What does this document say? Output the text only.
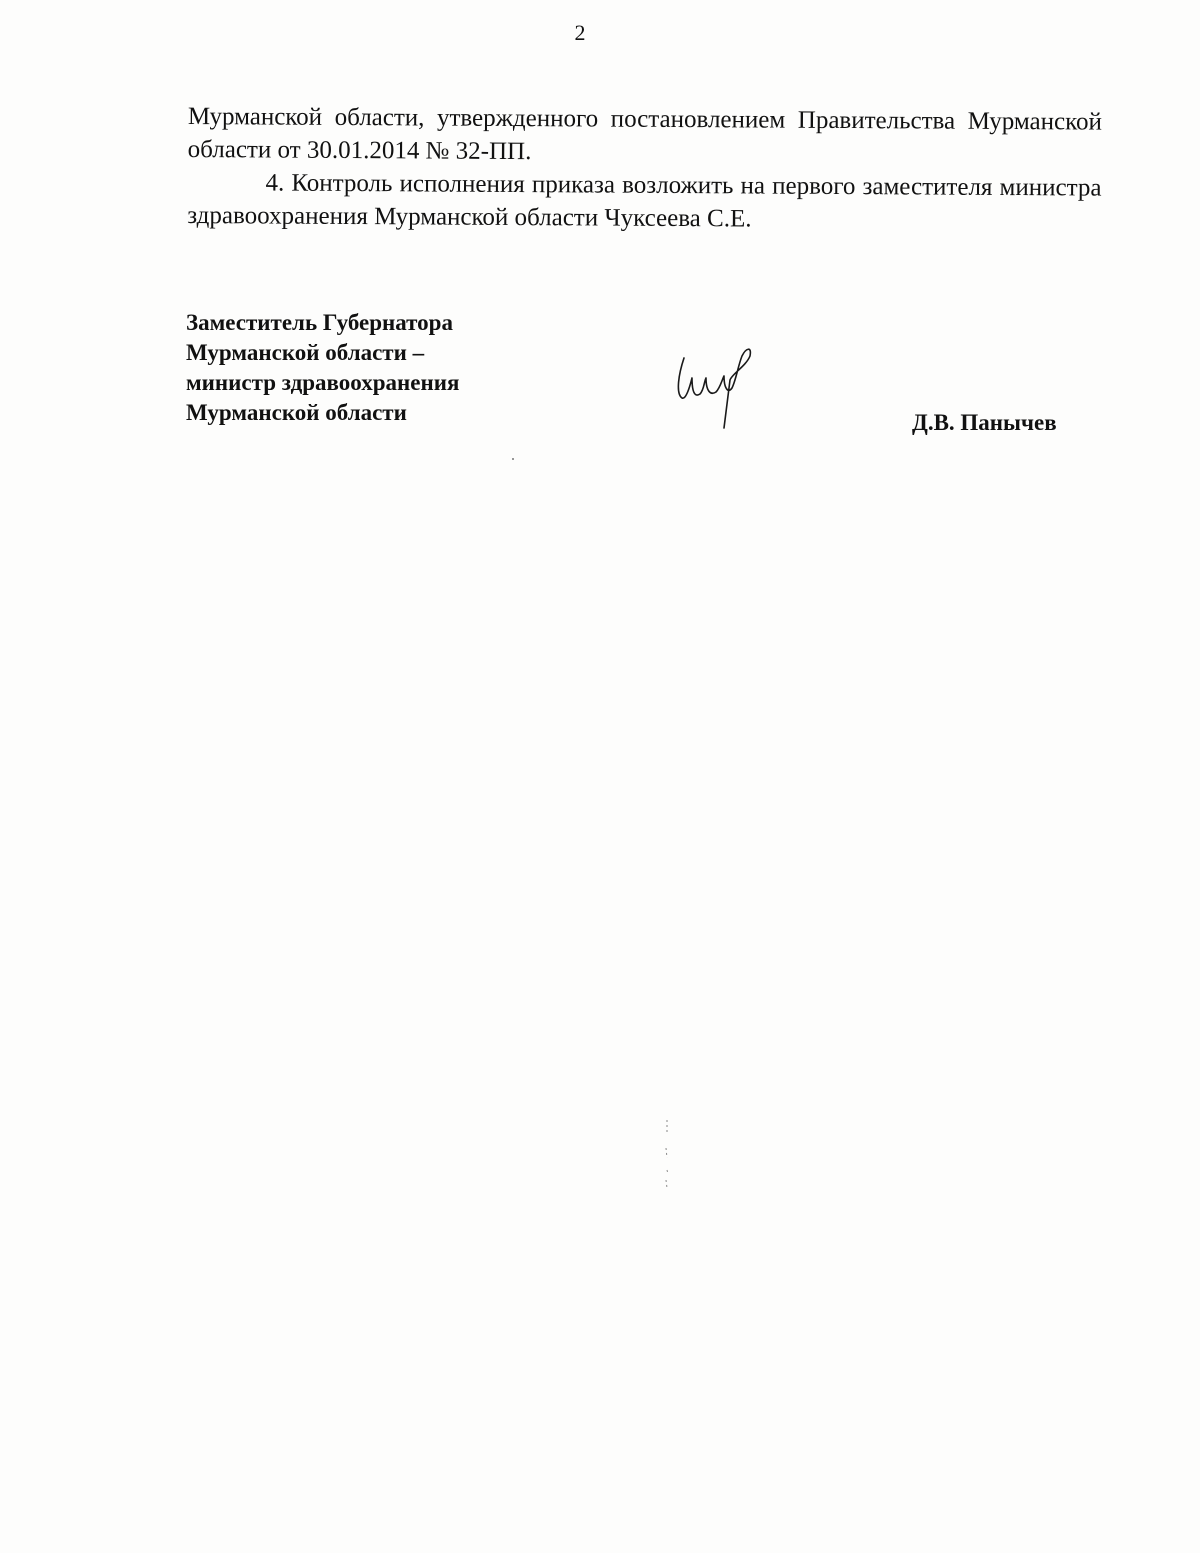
2

Мурманской области, утвержденного постановлением Правительства Мурманской области от 30.01.2014 № 32-ПП.

4. Контроль исполнения приказа возложить на первого заместителя министра здравоохранения Мурманской области Чуксеева С.Е.

Заместитель Губернатора
Мурманской области –
министр здравоохранения
Мурманской области	Д.В. Панычев
